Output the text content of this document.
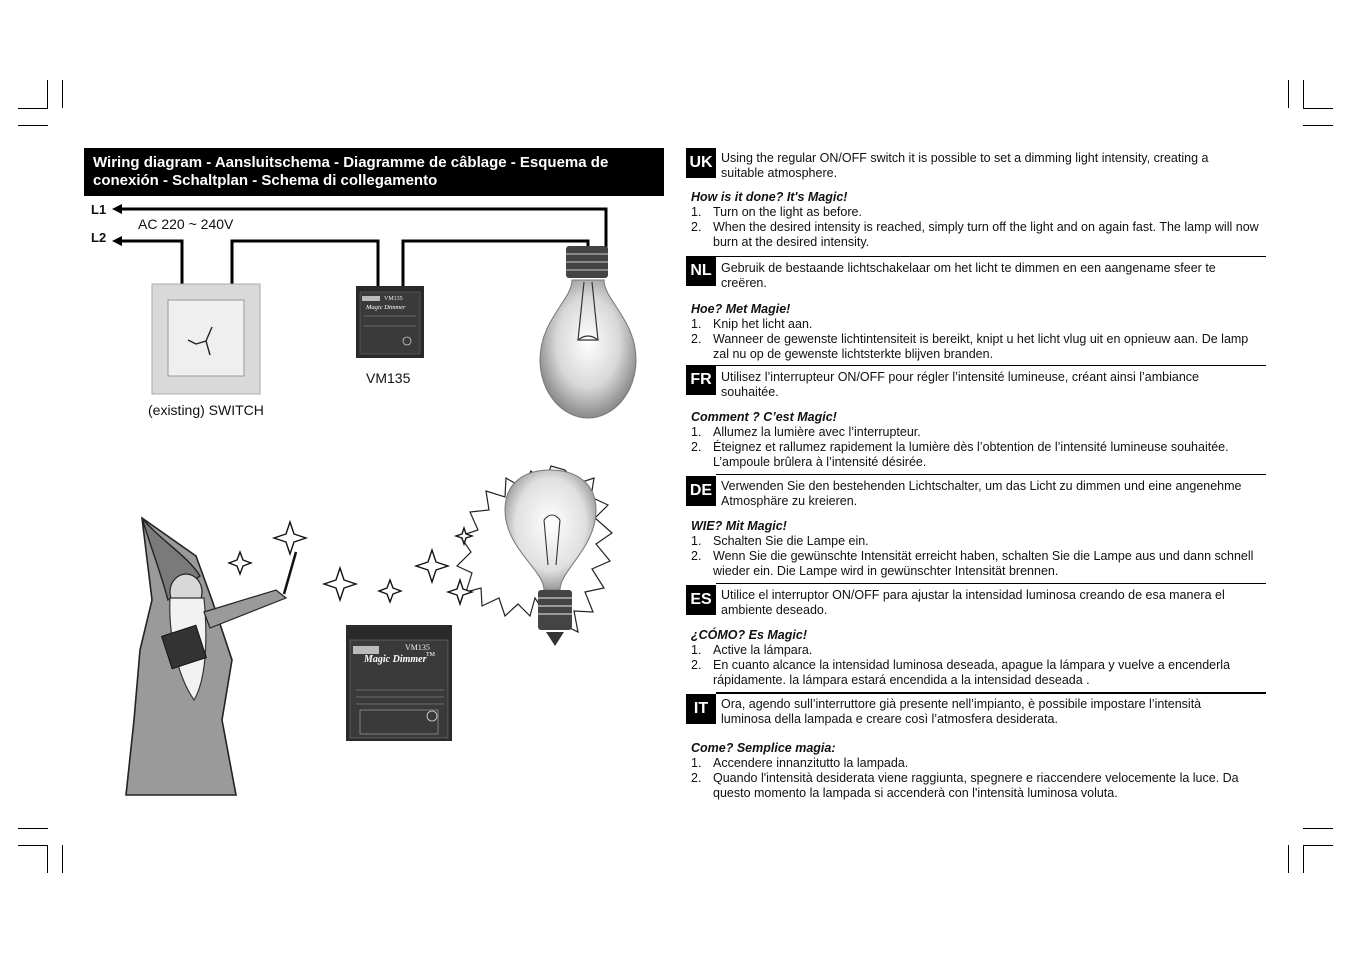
Wiring diagram - Aansluitschema - Diagramme de câblage - Esquema de conexión - Schaltplan - Schema di collegamento
L1
L2
AC 220 ~ 240V
VM135
(existing) SWITCH
VM135
Magic Dimmer
VM135
Magic Dimmer TM
UK Using the regular ON/OFF switch it is possible to set a dimming light intensity, creating a suitable atmosphere.
How is it done? It's Magic!
1. Turn on the light as before.
2. When the desired intensity is reached, simply turn off the light and on again fast. The lamp will now burn at the desired intensity.
NL Gebruik de bestaande lichtschakelaar om het licht te dimmen en een aangename sfeer te creëren.
Hoe? Met Magie!
1. Knip het licht aan.
2. Wanneer de gewenste lichtintensiteit is bereikt, knipt u het licht vlug uit en opnieuw aan. De lamp zal nu op de gewenste lichtsterkte blijven branden.
FR Utilisez l’interrupteur ON/OFF pour régler l’intensité lumineuse, créant ainsi l’ambiance souhaitée.
Comment ? C’est Magic!
1. Allumez la lumière avec l’interrupteur.
2. Éteignez et rallumez rapidement la lumière dès l’obtention de l’intensité lumineuse souhaitée. L’ampoule brûlera à l’intensité désirée.
DE Verwenden Sie den bestehenden Lichtschalter, um das Licht zu dimmen und eine angenehme Atmosphäre zu kreieren.
WIE? Mit Magic!
1. Schalten Sie die Lampe ein.
2. Wenn Sie die gewünschte Intensität erreicht haben, schalten Sie die Lampe aus und dann schnell wieder ein. Die Lampe wird in gewünschter Intensität brennen.
ES Utilice el interruptor ON/OFF para ajustar la intensidad luminosa creando de esa manera el ambiente deseado.
¿CÓMO? Es Magic!
1. Active la lámpara.
2. En cuanto alcance la intensidad luminosa deseada, apague la lámpara y vuelve a encenderla rápidamente. la lámpara estará encendida a la intensidad deseada .
IT	Ora, agendo sull’interruttore già presente nell’impianto, è possibile impostare l’intensità luminosa della lampada e creare così l’atmosfera desiderata.
Come? Semplice magia:
1. Accendere innanzitutto la lampada.
2. Quando l'intensità desiderata viene raggiunta, spegnere e riaccendere velocemente la luce. Da questo momento la lampada si accenderà con l'intensità luminosa voluta.
